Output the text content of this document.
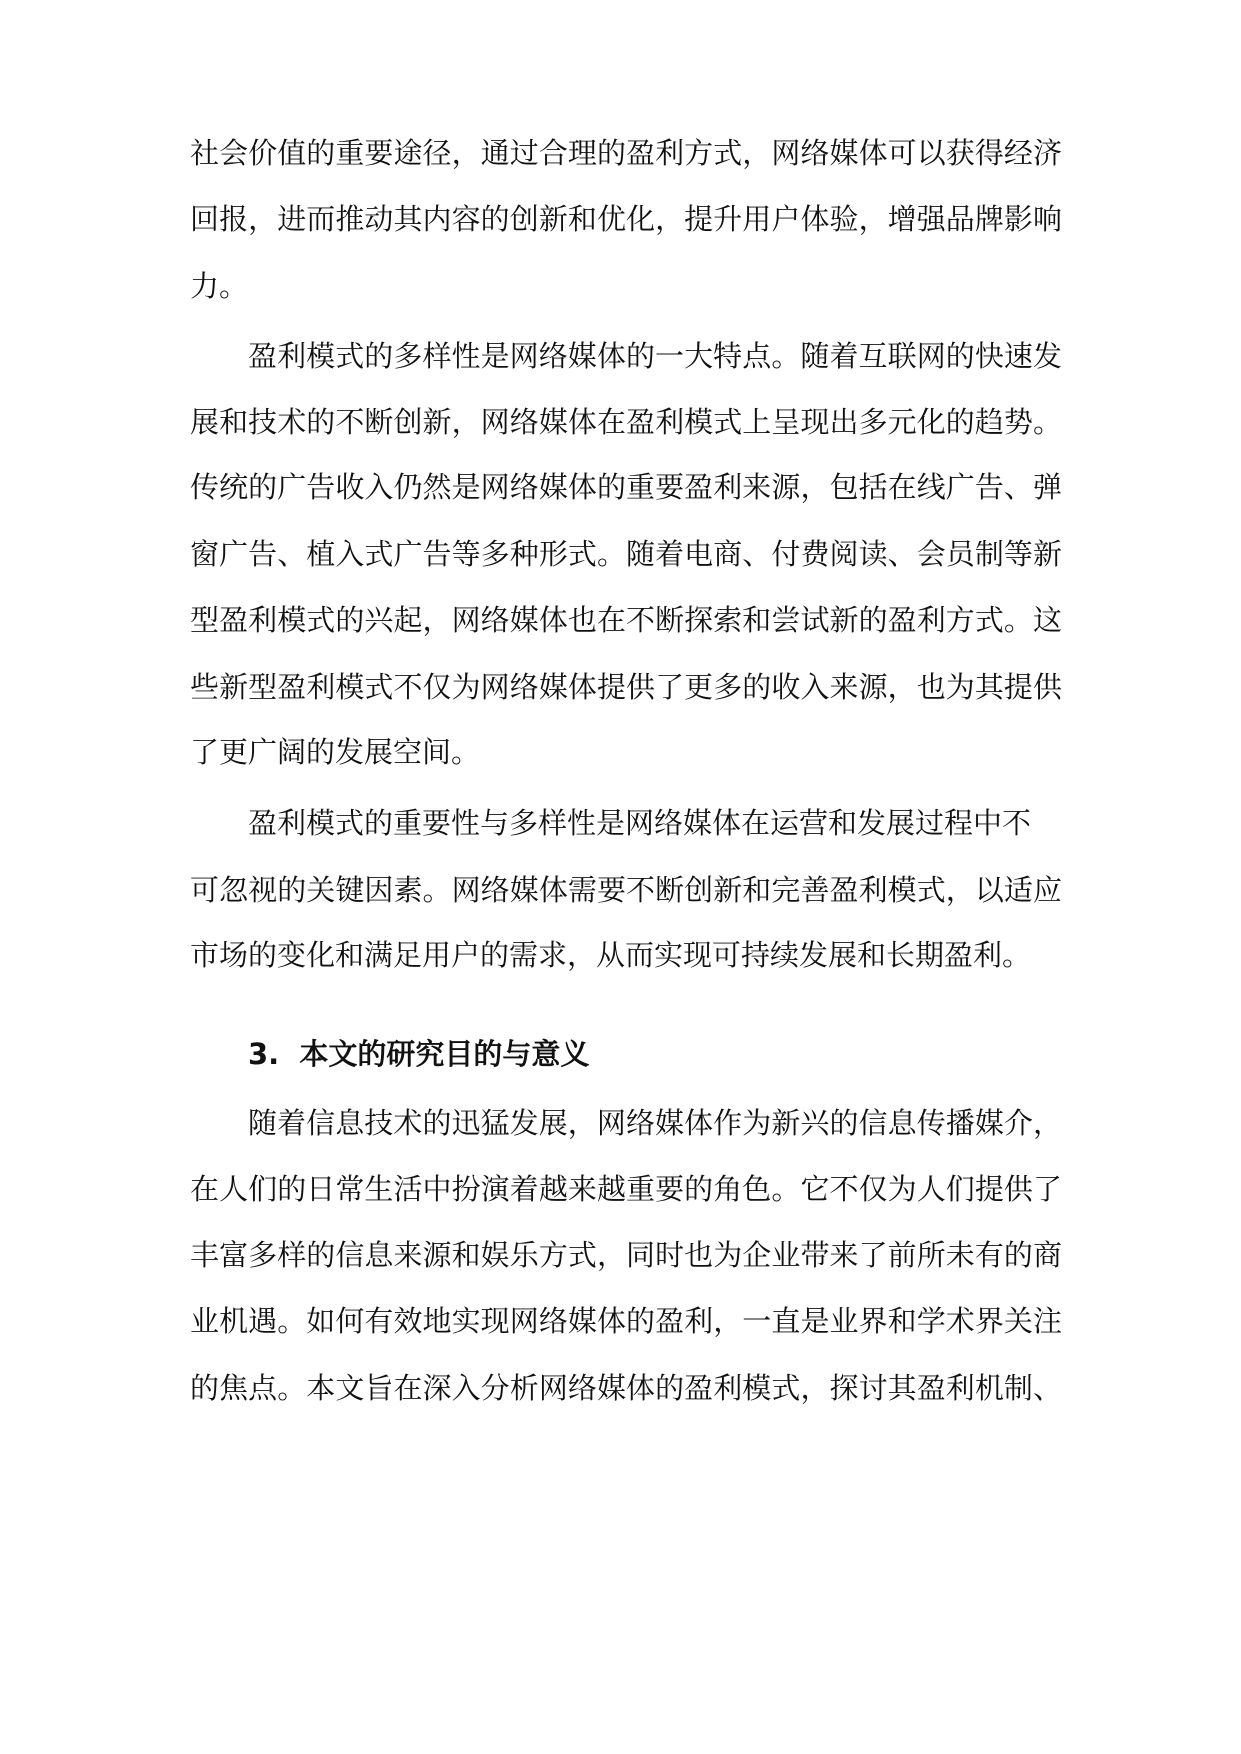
社会价值的重要途径，通过合理的盈利方式，网络媒体可以获得经济
回报，进而推动其内容的创新和优化，提升用户体验，增强品牌影响
力。
盈利模式的多样性是网络媒体的一大特点。随着互联网的快速发
展和技术的不断创新，网络媒体在盈利模式上呈现出多元化的趋势。
传统的广告收入仍然是网络媒体的重要盈利来源，包括在线广告、弹
窗广告、植入式广告等多种形式。随着电商、付费阅读、会员制等新
型盈利模式的兴起，网络媒体也在不断探索和尝试新的盈利方式。这
些新型盈利模式不仅为网络媒体提供了更多的收入来源，也为其提供
了更广阔的发展空间。
盈利模式的重要性与多样性是网络媒体在运营和发展过程中不
可忽视的关键因素。网络媒体需要不断创新和完善盈利模式，以适应
市场的变化和满足用户的需求，从而实现可持续发展和长期盈利。
3. 本文的研究目的与意义
随着信息技术的迅猛发展，网络媒体作为新兴的信息传播媒介，
在人们的日常生活中扮演着越来越重要的角色。它不仅为人们提供了
丰富多样的信息来源和娱乐方式，同时也为企业带来了前所未有的商
业机遇。如何有效地实现网络媒体的盈利，一直是业界和学术界关注
的焦点。本文旨在深入分析网络媒体的盈利模式，探讨其盈利机制、
